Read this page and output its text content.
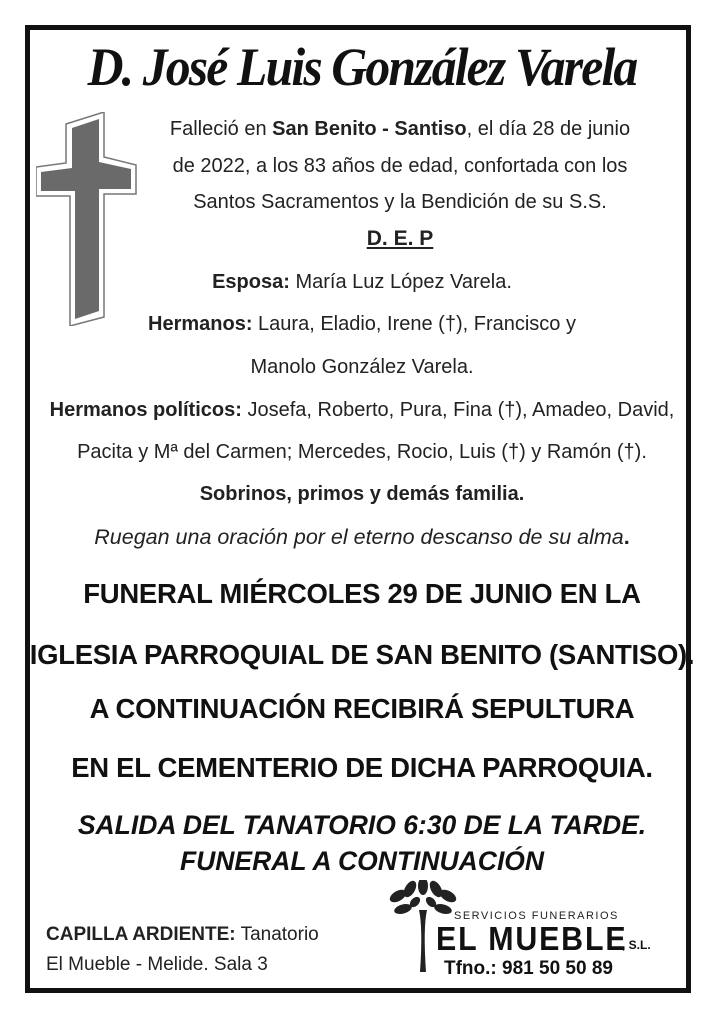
D. José Luis González Varela
Falleció en San Benito - Santiso, el día 28 de junio
de 2022, a los 83 años de edad, confortada con los
Santos Sacramentos y la Bendición de su S.S.
D. E. P
Esposa: María Luz López Varela.
Hermanos: Laura, Eladio, Irene (†), Francisco y
Manolo González Varela.
Hermanos políticos: Josefa, Roberto, Pura, Fina (†), Amadeo, David,
Pacita y Mª del Carmen; Mercedes, Rocio, Luis (†) y Ramón (†).
Sobrinos, primos y demás familia.
Ruegan una oración por el eterno descanso de su alma.
FUNERAL MIÉRCOLES 29 DE JUNIO EN LA
IGLESIA PARROQUIAL DE SAN BENITO (SANTISO).
A CONTINUACIÓN RECIBIRÁ SEPULTURA
EN EL CEMENTERIO DE DICHA PARROQUIA.
SALIDA DEL TANATORIO 6:30 DE LA TARDE.
FUNERAL A CONTINUACIÓN
CAPILLA ARDIENTE: Tanatorio
El Mueble - Melide. Sala 3
SERVICIOS FUNERARIOS
EL MUEBLE
, S.L.
Tfno.: 981 50 50 89
